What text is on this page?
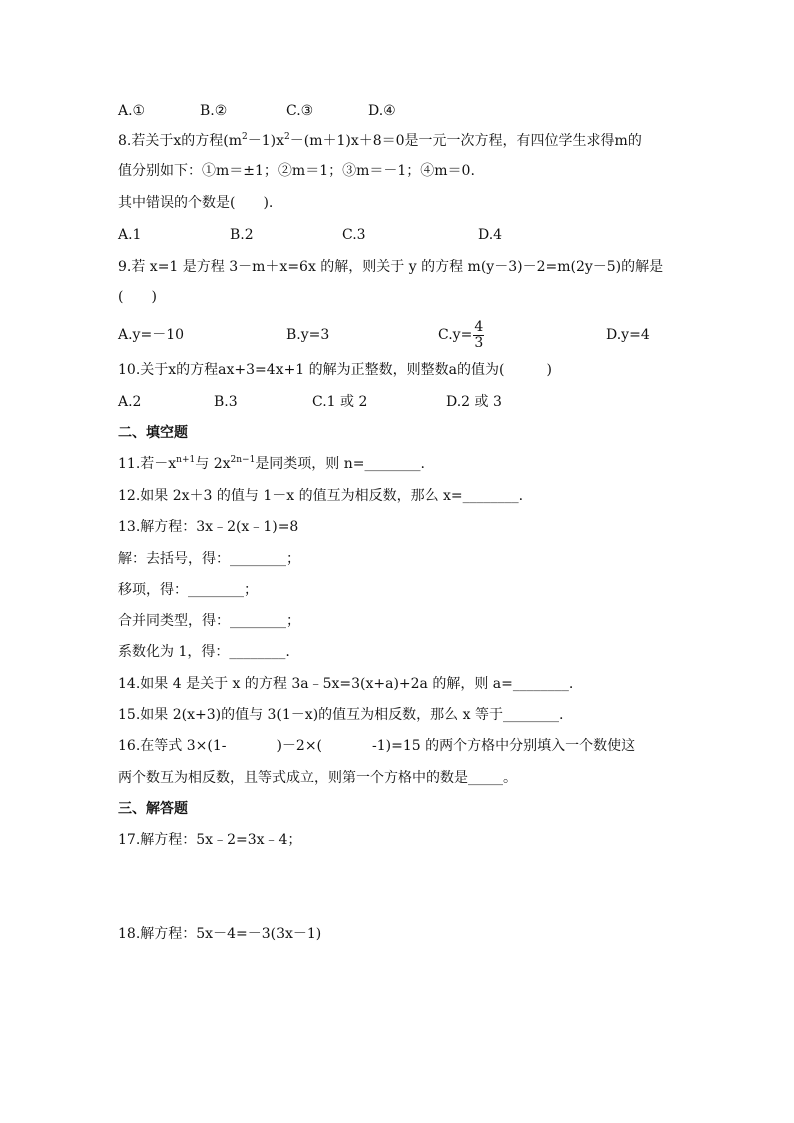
A.①	B.②	C.③	D.④
8.若关于x的方程$(m^2-1)x^2-(m+1)x+8=0$是一元一次方程，有四位学生求得m的
值分别如下：①m＝±1；②m＝1；③m＝－1；④m＝0.
其中错误的个数是(　　).
A.1	B.2	C.3	D.4
9.若 x=1 是方程 3－m＋x=6x 的解，则关于 y 的方程 m(y－3)－2=m(2y－5)的解是
(　　)
A.y=－10	B.y=3	$C.y= \frac{4}{3}$	D.y=4
10.关于x的方程ax+3=4x+1 的解为正整数，则整数a的值为(　　　)
A.2	B.3	C.1 或 2	D.2 或 3
二、填空题
11.若$-x^{n+1}$与 $2x^{2n-1}$是同类项，则 n=________.
12.如果 2x＋3 的值与 1－x 的值互为相反数，那么 x=________.
13.解方程：3x﹣2(x﹣1)=8
解：去括号，得：________；
移项，得：________；
合并同类型，得：________；
系数化为 1，得：________.
14.如果 4 是关于 x 的方程 3a﹣5x=3(x+a)+2a 的解，则 a=________.
15.如果 2(x+3)的值与 3(1－x)的值互为相反数，那么 x 等于________.
16.在等式 3×(1-	)－2×(	-1)=15 的两个方格中分别填入一个数使这
两个数互为相反数，且等式成立，则第一个方格中的数是_____。
三、解答题
17.解方程：5x﹣2=3x﹣4；
18.解方程：5x－4=－3(3x－1)
